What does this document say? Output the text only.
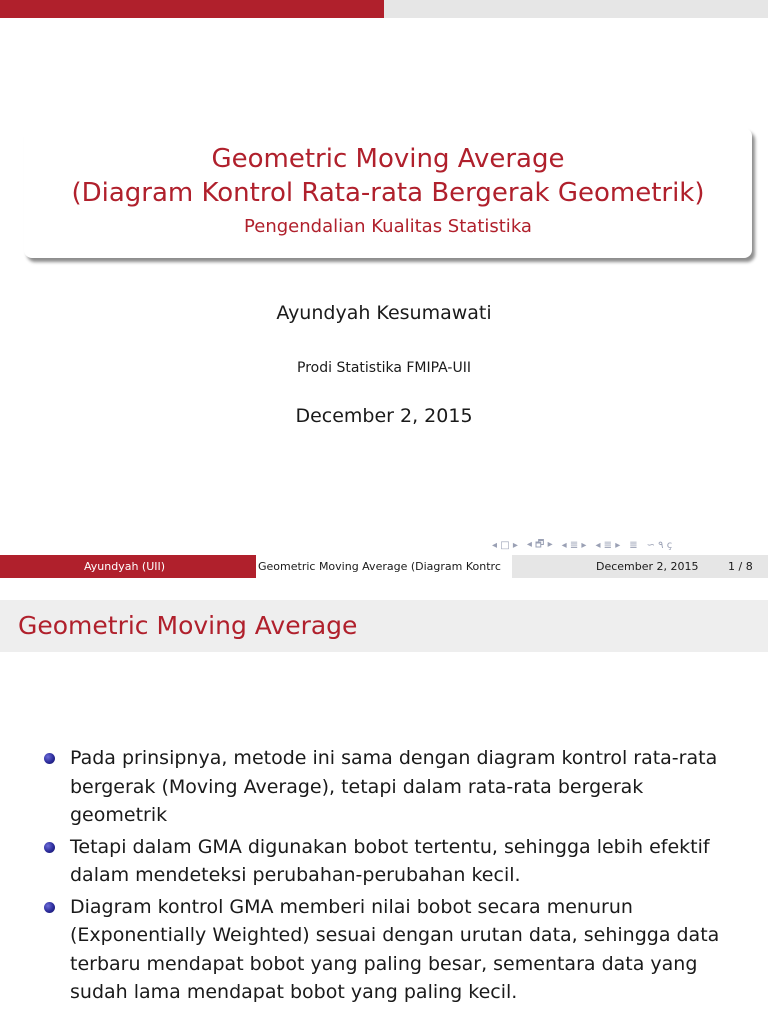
Geometric Moving Average
(Diagram Kontrol Rata-rata Bergerak Geometrik)
Pengendalian Kualitas Statistika
Ayundyah Kesumawati
Prodi Statistika FMIPA-UII
December 2, 2015
◂ □ ▸ ◂ 🗗 ▸ ◂ ≣ ▸ ◂ ≣ ▸ ≣ ∽ ۹ ҫ
Ayundyah (UII)	Geometric Moving Average (Diagram Kontrc	December 2, 2015	1 / 8
Geometric Moving Average
Pada prinsipnya, metode ini sama dengan diagram kontrol rata-rata bergerak (Moving Average), tetapi dalam rata-rata bergerak geometrik
Tetapi dalam GMA digunakan bobot tertentu, sehingga lebih efektif dalam mendeteksi perubahan-perubahan kecil.
Diagram kontrol GMA memberi nilai bobot secara menurun (Exponentially Weighted) sesuai dengan urutan data, sehingga data terbaru mendapat bobot yang paling besar, sementara data yang sudah lama mendapat bobot yang paling kecil.
